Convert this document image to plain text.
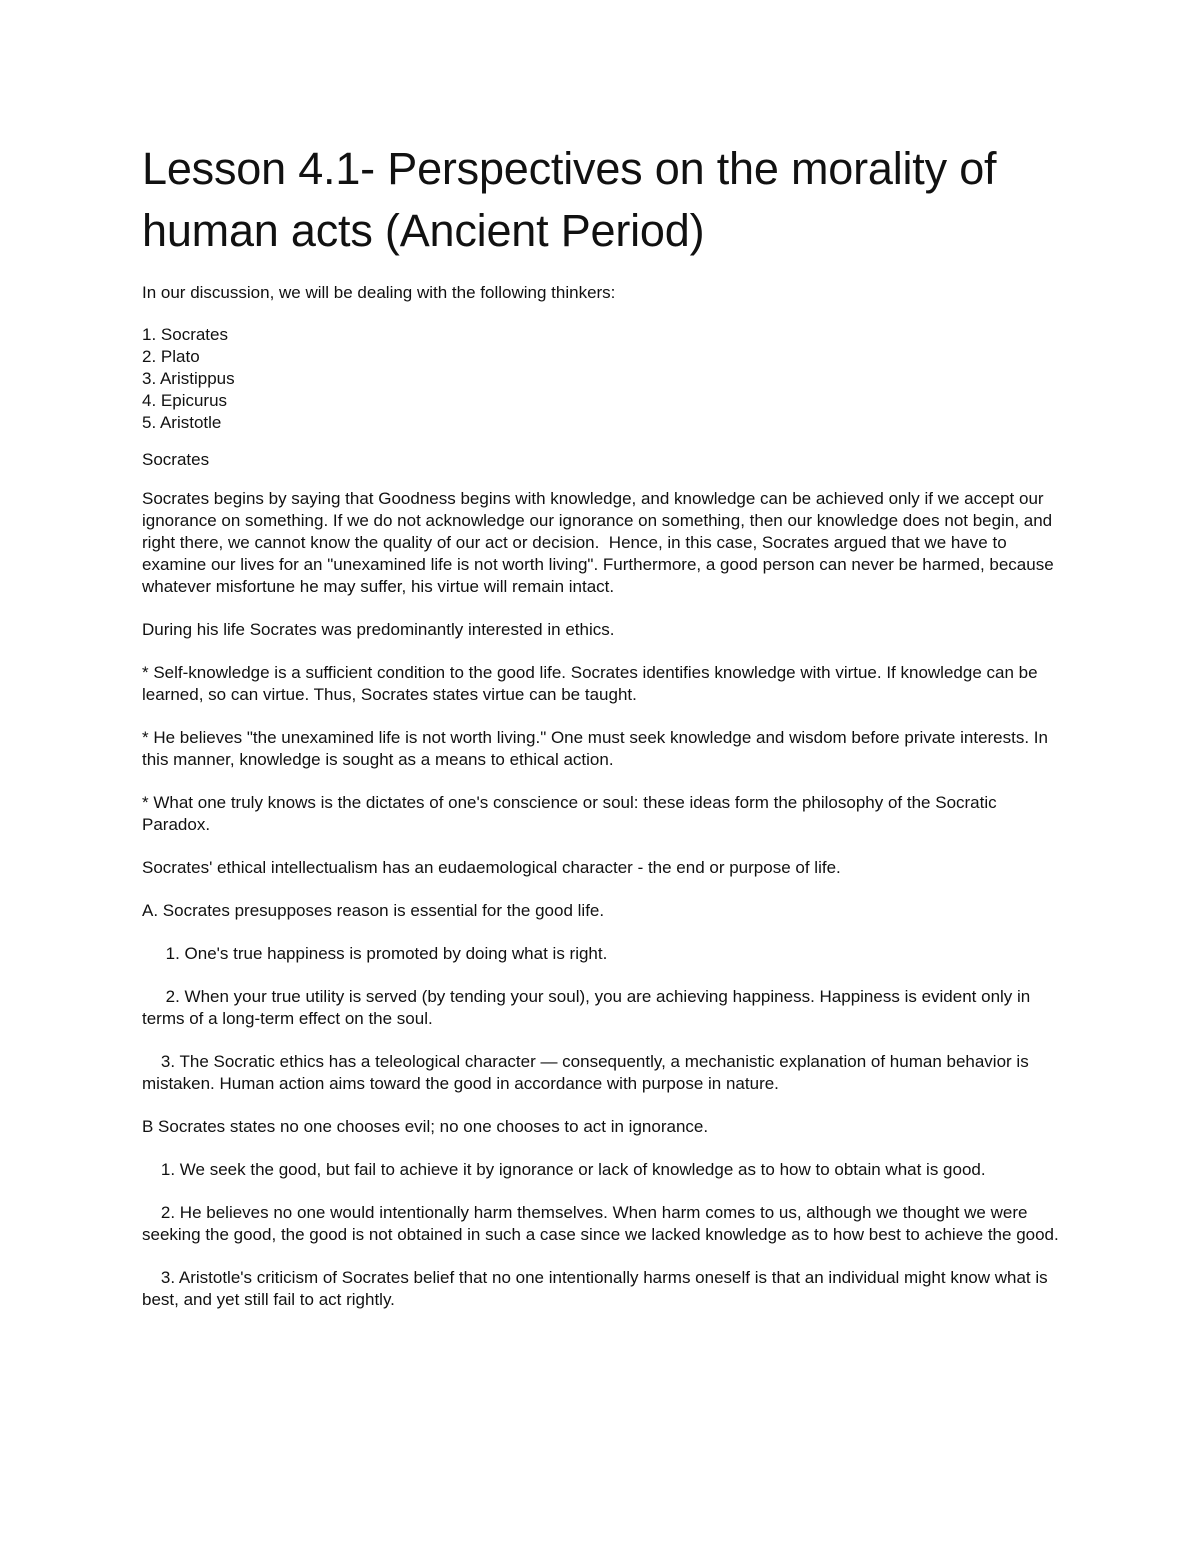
Lesson 4.1- Perspectives on the morality of human acts (Ancient Period)

In our discussion, we will be dealing with the following thinkers:

1. Socrates
2. Plato
3. Aristippus
4. Epicurus
5. Aristotle

Socrates

Socrates begins by saying that Goodness begins with knowledge, and knowledge can be achieved only if we accept our ignorance on something. If we do not acknowledge our ignorance on something, then our knowledge does not begin, and right there, we cannot know the quality of our act or decision.  Hence, in this case, Socrates argued that we have to examine our lives for an "unexamined life is not worth living". Furthermore, a good person can never be harmed, because whatever misfortune he may suffer, his virtue will remain intact.

During his life Socrates was predominantly interested in ethics.

* Self-knowledge is a sufficient condition to the good life. Socrates identifies knowledge with virtue. If knowledge can be learned, so can virtue. Thus, Socrates states virtue can be taught.

* He believes "the unexamined life is not worth living." One must seek knowledge and wisdom before private interests. In this manner, knowledge is sought as a means to ethical action.

* What one truly knows is the dictates of one's conscience or soul: these ideas form the philosophy of the Socratic Paradox.

Socrates' ethical intellectualism has an eudaemological character - the end or purpose of life.

A. Socrates presupposes reason is essential for the good life.

1. One's true happiness is promoted by doing what is right.

2. When your true utility is served (by tending your soul), you are achieving happiness. Happiness is evident only in terms of a long-term effect on the soul.

3. The Socratic ethics has a teleological character — consequently, a mechanistic explanation of human behavior is mistaken. Human action aims toward the good in accordance with purpose in nature.

B Socrates states no one chooses evil; no one chooses to act in ignorance.

1. We seek the good, but fail to achieve it by ignorance or lack of knowledge as to how to obtain what is good.

2. He believes no one would intentionally harm themselves. When harm comes to us, although we thought we were seeking the good, the good is not obtained in such a case since we lacked knowledge as to how best to achieve the good.

3. Aristotle's criticism of Socrates belief that no one intentionally harms oneself is that an individual might know what is best, and yet still fail to act rightly.
